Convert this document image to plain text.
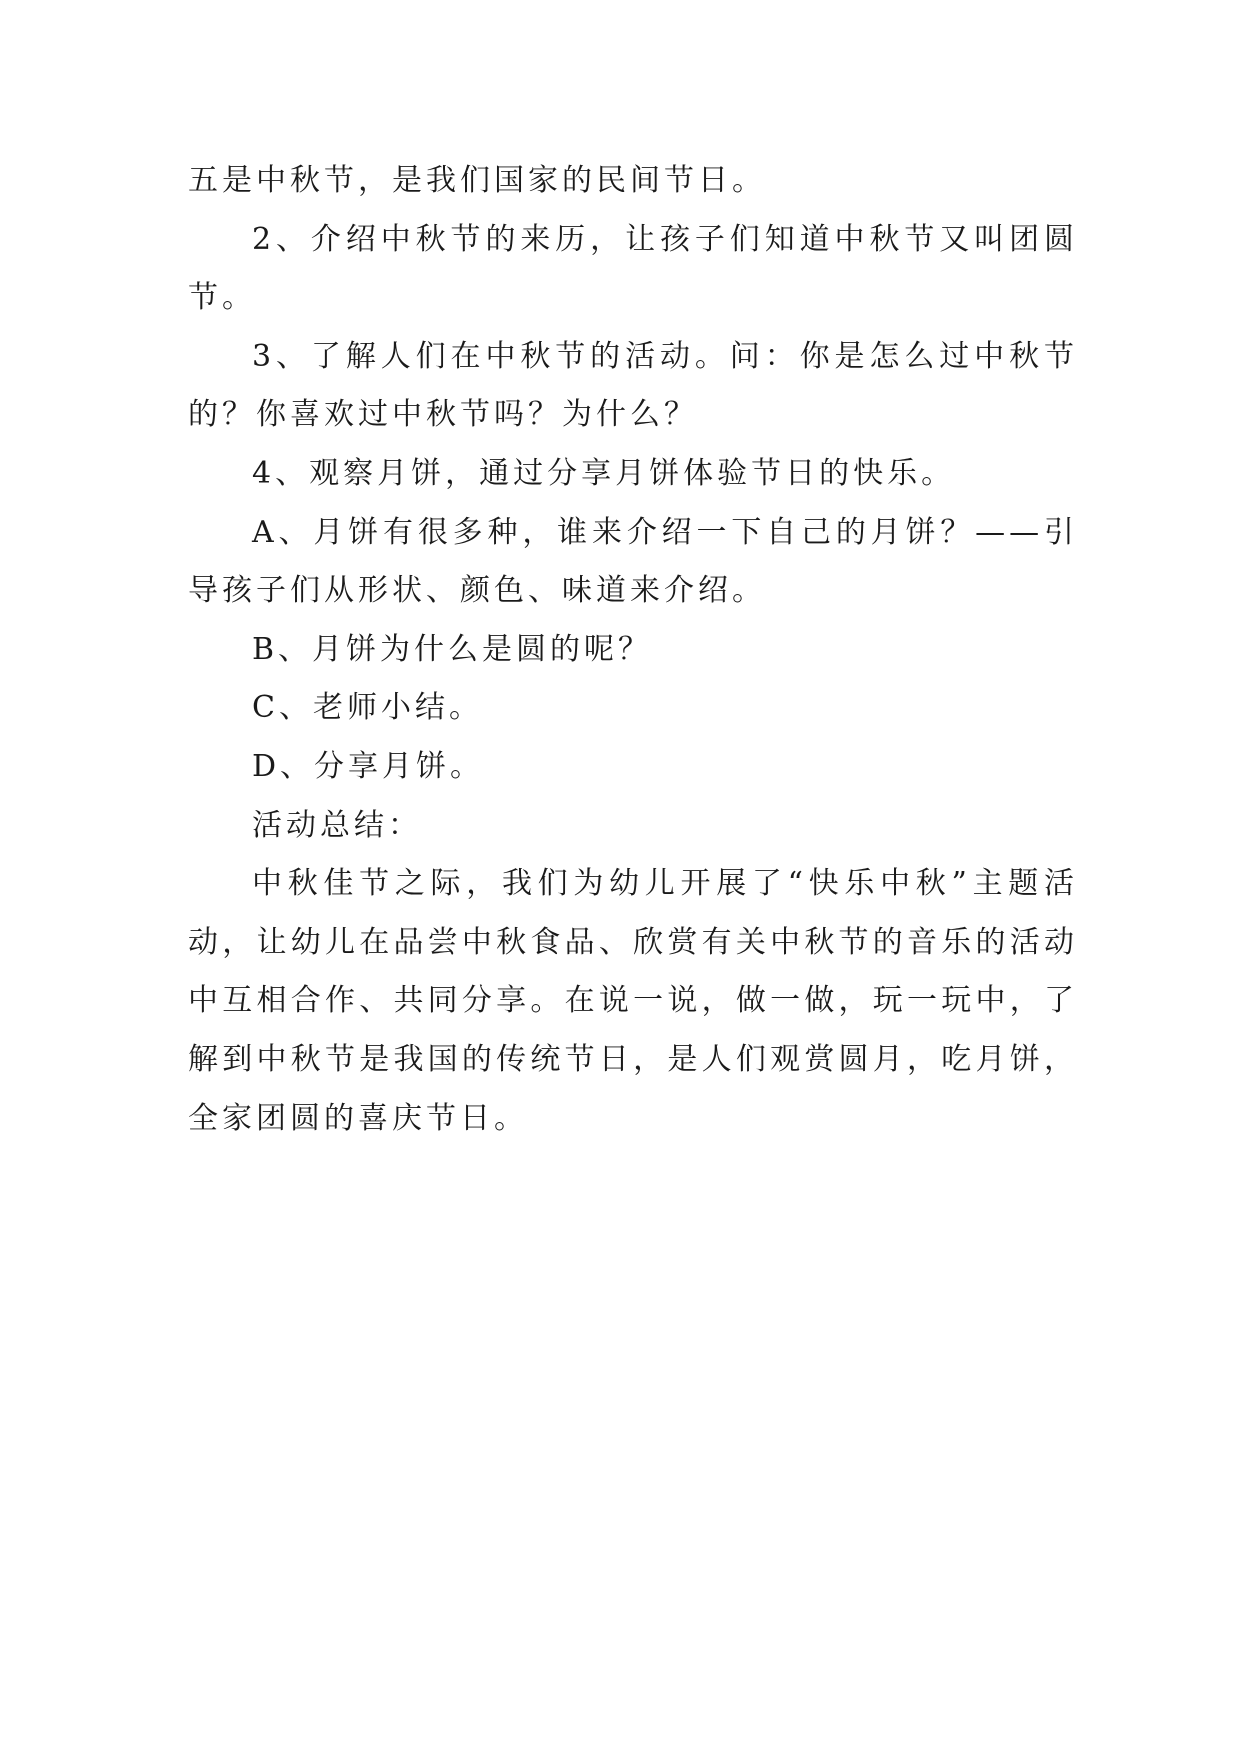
五是中秋节，是我们国家的民间节日。

2、介绍中秋节的来历，让孩子们知道中秋节又叫团圆节。

3、了解人们在中秋节的活动。问：你是怎么过中秋节的？你喜欢过中秋节吗？为什么？

4、观察月饼，通过分享月饼体验节日的快乐。

A、月饼有很多种，谁来介绍一下自己的月饼？——引导孩子们从形状、颜色、味道来介绍。

B、月饼为什么是圆的呢？

C、老师小结。

D、分享月饼。

活动总结：

中秋佳节之际，我们为幼儿开展了“快乐中秋”主题活动，让幼儿在品尝中秋食品、欣赏有关中秋节的音乐的活动中互相合作、共同分享。在说一说，做一做，玩一玩中，了解到中秋节是我国的传统节日，是人们观赏圆月，吃月饼，全家团圆的喜庆节日。
